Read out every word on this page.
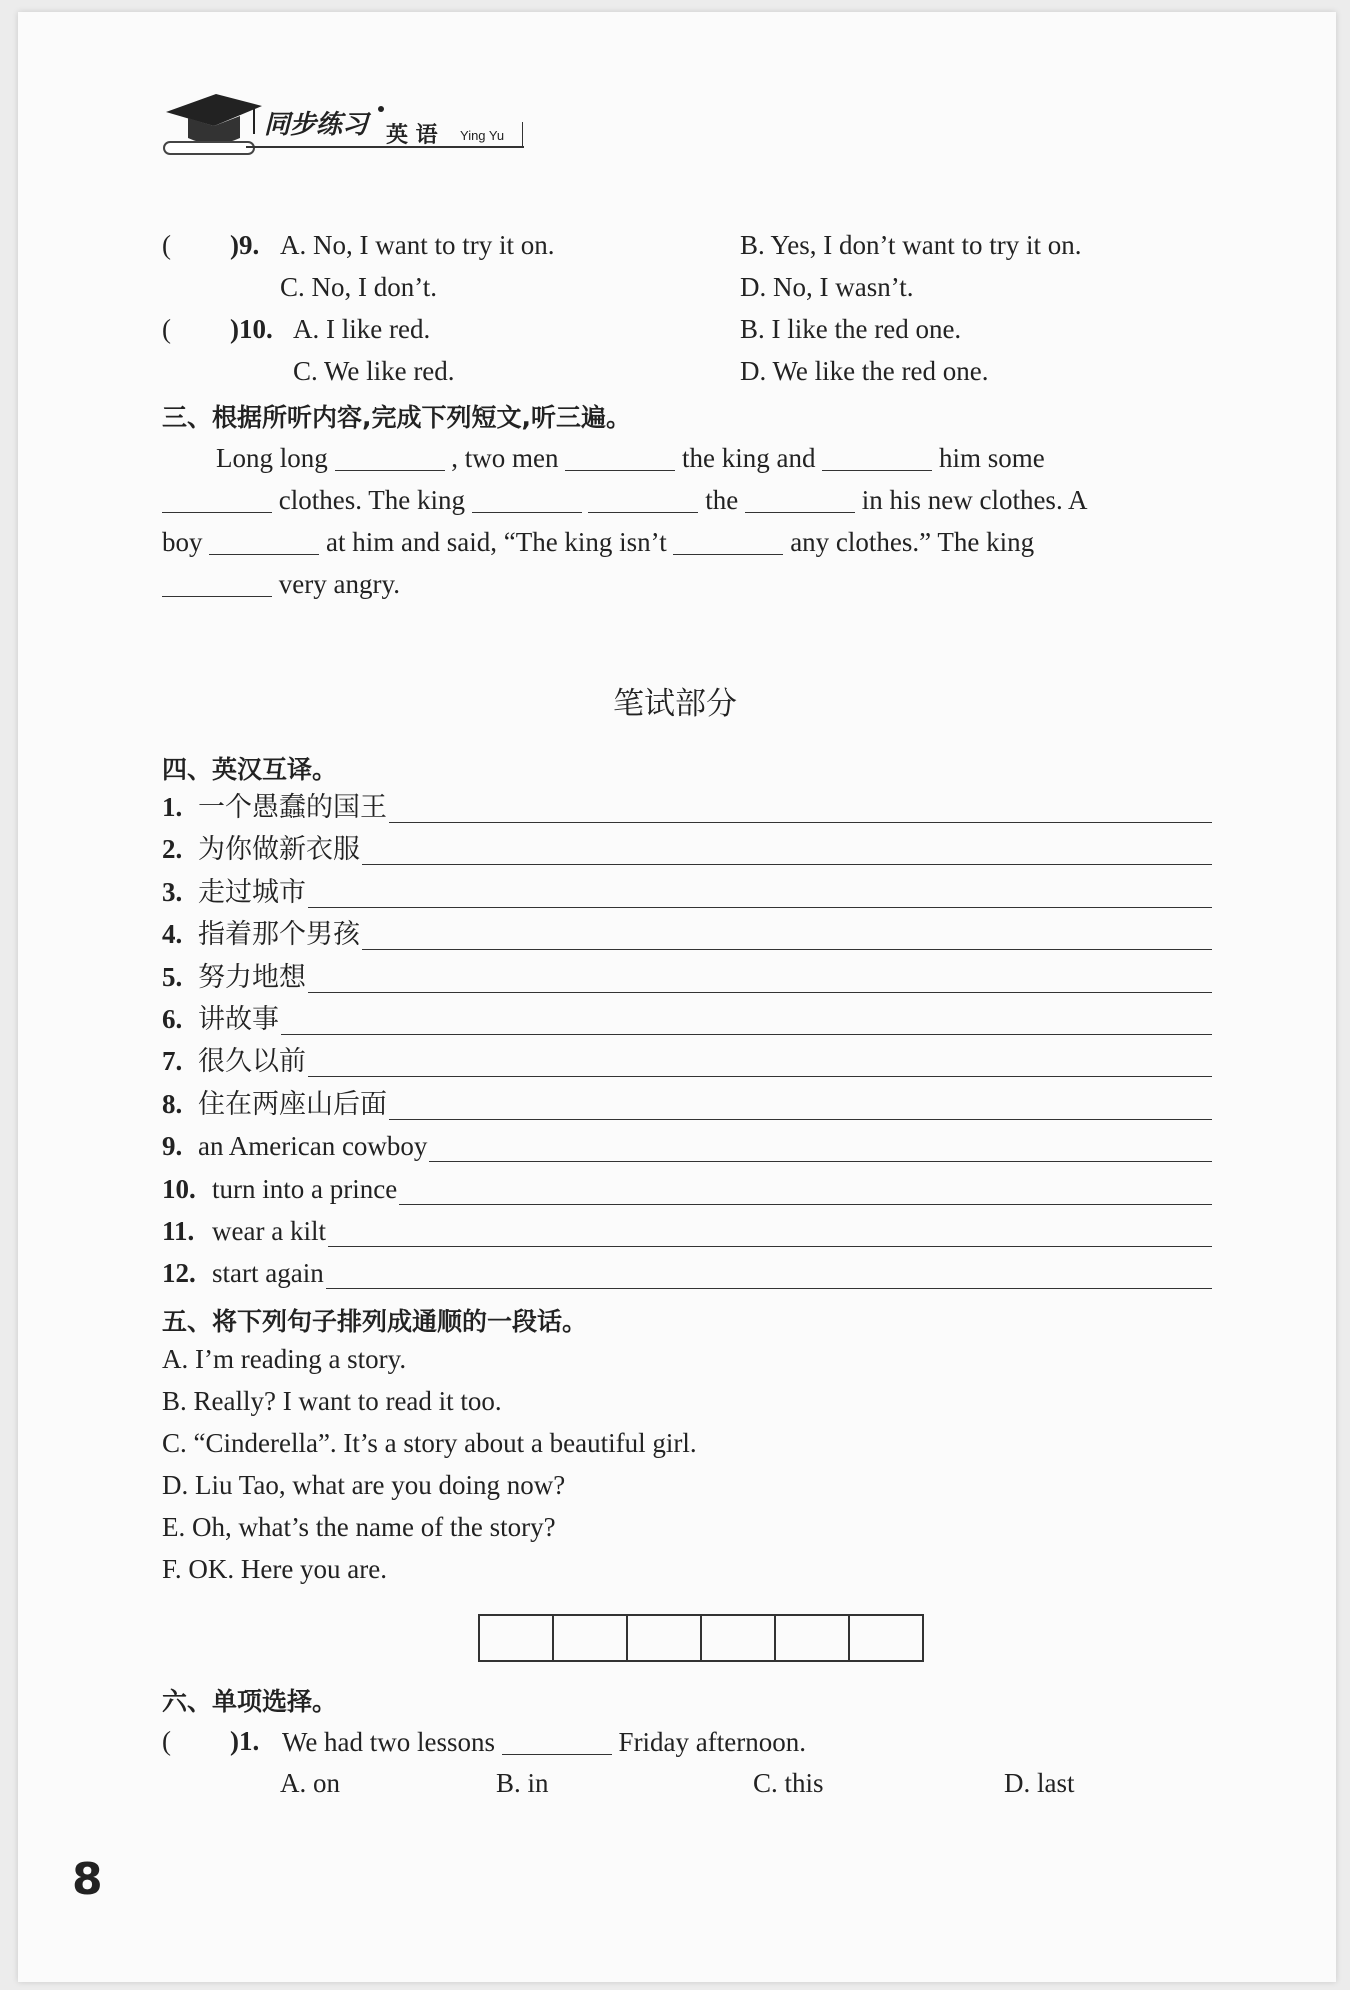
同步练习 英 语 Ying Yu
( )9. A. No, I want to try it on.	B. Yes, I don’t want to try it on.
C. No, I don’t.	D. No, I wasn’t.
( )10. A. I like red.	B. I like the red one.
C. We like red.	D. We like the red one.
三、根据所听内容,完成下列短文,听三遍。
Long long	, two men	the king and	him some
clothes. The king	the	in his new clothes. A
boy	at him and said, “The king isn’t	any clothes.” The king
very angry.
笔试部分
四、英汉互译。
1. 一个愚蠢的国王
2. 为你做新衣服
3. 走过城市
4. 指着那个男孩
5. 努力地想
6. 讲故事
7. 很久以前
8. 住在两座山后面
9. an American cowboy
10. turn into a prince
11. wear a kilt
12. start again
五、将下列句子排列成通顺的一段话。
A. I’m reading a story.
B. Really? I want to read it too.
C. “Cinderella”. It’s a story about a beautiful girl.
D. Liu Tao, what are you doing now?
E. Oh, what’s the name of the story?
F. OK. Here you are.
六、单项选择。
( )1. We had two lessons	Friday afternoon.
A. on	B. in	C. this	D. last
8
